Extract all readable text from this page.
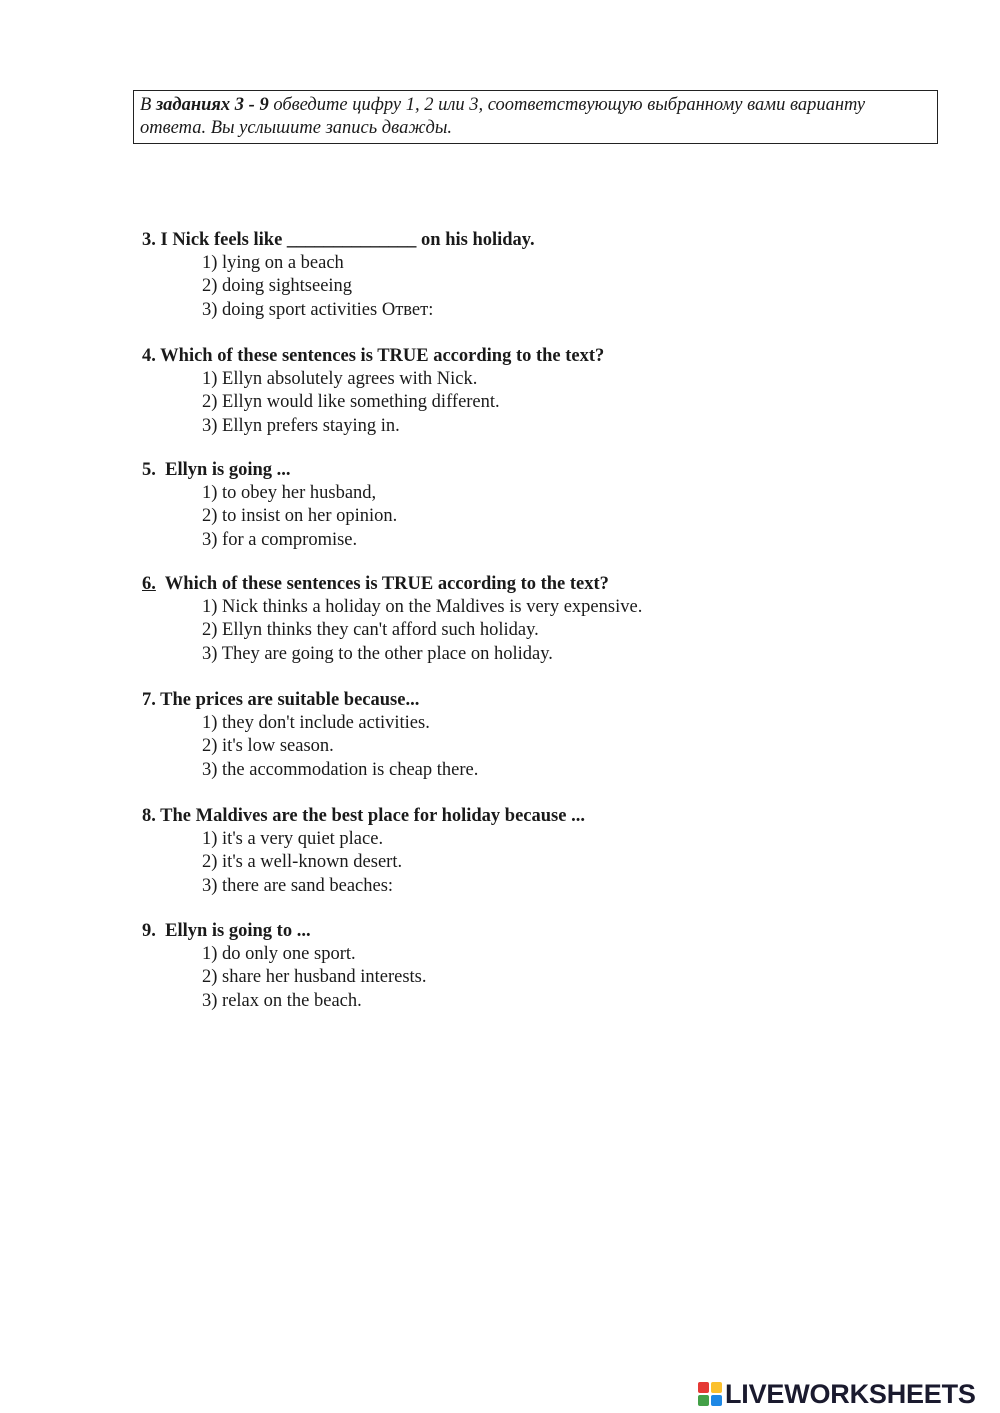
В заданиях 3 - 9 обведите цифру 1, 2 или 3, соответствующую выбранному вами варианту ответа. Вы услышите запись дважды.
3. I Nick feels like ______________ on his holiday.
1) lying on a beach
2) doing sightseeing
3) doing sport activities Ответ:
4. Which of these sentences is TRUE according to the text?
1) Ellyn absolutely agrees with Nick.
2) Ellyn would like something different.
3) Ellyn prefers staying in.
5.  Ellyn is going ...
1) to obey her husband,
2) to insist on her opinion.
3) for a compromise.
6.  Which of these sentences is TRUE according to the text?
1) Nick thinks a holiday on the Maldives is very expensive.
2) Ellyn thinks they can't afford such holiday.
3) They are going to the other place on holiday.
7. The prices are suitable because...
1) they don't include activities.
2) it's low season.
3) the accommodation is cheap there.
8. The Maldives are the best place for holiday because ...
1) it's a very quiet place.
2) it's a well-known desert.
3) there are sand beaches:
9.  Ellyn is going to ...
1) do only one sport.
2) share her husband interests.
3) relax on the beach.
LIVEWORKSHEETS
